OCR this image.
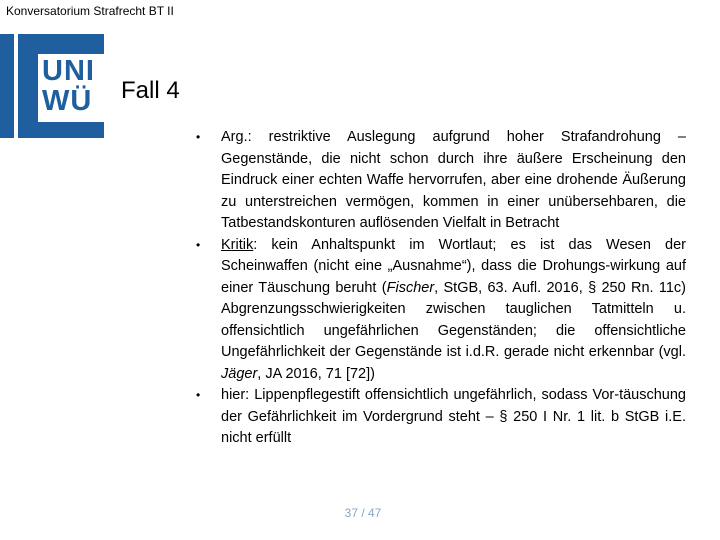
Konversatorium Strafrecht BT II
UNI
WÜ Fall 4
•	Arg.: restriktive Auslegung aufgrund hoher Strafandrohung – Gegenstände, die nicht schon durch ihre äußere Erscheinung den Eindruck einer echten Waffe hervorrufen, aber eine drohende Äußerung zu unterstreichen vermögen, kommen in einer unübersehbaren, die Tatbestandskonturen auflösenden Vielfalt in Betracht
•	Kritik: kein Anhaltspunkt im Wortlaut; es ist das Wesen der Scheinwaffen (nicht eine „Ausnahme“), dass die Drohungs-wirkung auf einer Täuschung beruht (Fischer, StGB, 63. Aufl. 2016, § 250 Rn. 11c) Abgrenzungsschwierigkeiten zwischen tauglichen Tatmitteln u. offensichtlich ungefährlichen Gegenständen; die offensichtliche Ungefährlichkeit der Gegenstände ist i.d.R. gerade nicht erkennbar (vgl. Jäger, JA 2016, 71 [72])
•	hier: Lippenpflegestift offensichtlich ungefährlich, sodass Vor-täuschung der Gefährlichkeit im Vordergrund steht – § 250 I Nr. 1 lit. b StGB i.E. nicht erfüllt
37 / 47
